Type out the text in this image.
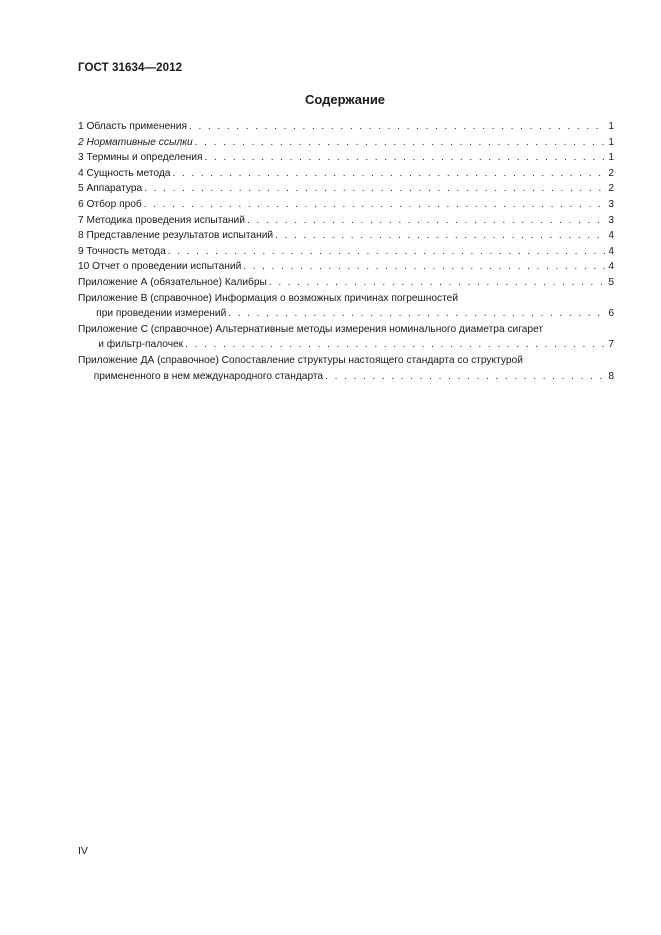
ГОСТ 31634—2012
Содержание
1 Область применения . . .	1
2 Нормативные ссылки . . .	1
3 Термины и определения . . .	1
4 Сущность метода . . .	2
5 Аппаратура . . .	2
6 Отбор проб . . .	3
7 Методика проведения испытаний . . .	3
8 Представление результатов испытаний . . .	4
9 Точность метода . . .	4
10 Отчет о проведении испытаний . . .	4
Приложение А (обязательное) Калибры . . .	5
Приложение В (справочное) Информация о возможных причинах погрешностей
при проведении измерений . . .	6
Приложение С (справочное) Альтернативные методы измерения номинального диаметра сигарет
и фильтр-палочек . . .	7
Приложение ДА (справочное) Сопоставление структуры настоящего стандарта со структурой
примененного в нем международного стандарта . . .	8
IV
